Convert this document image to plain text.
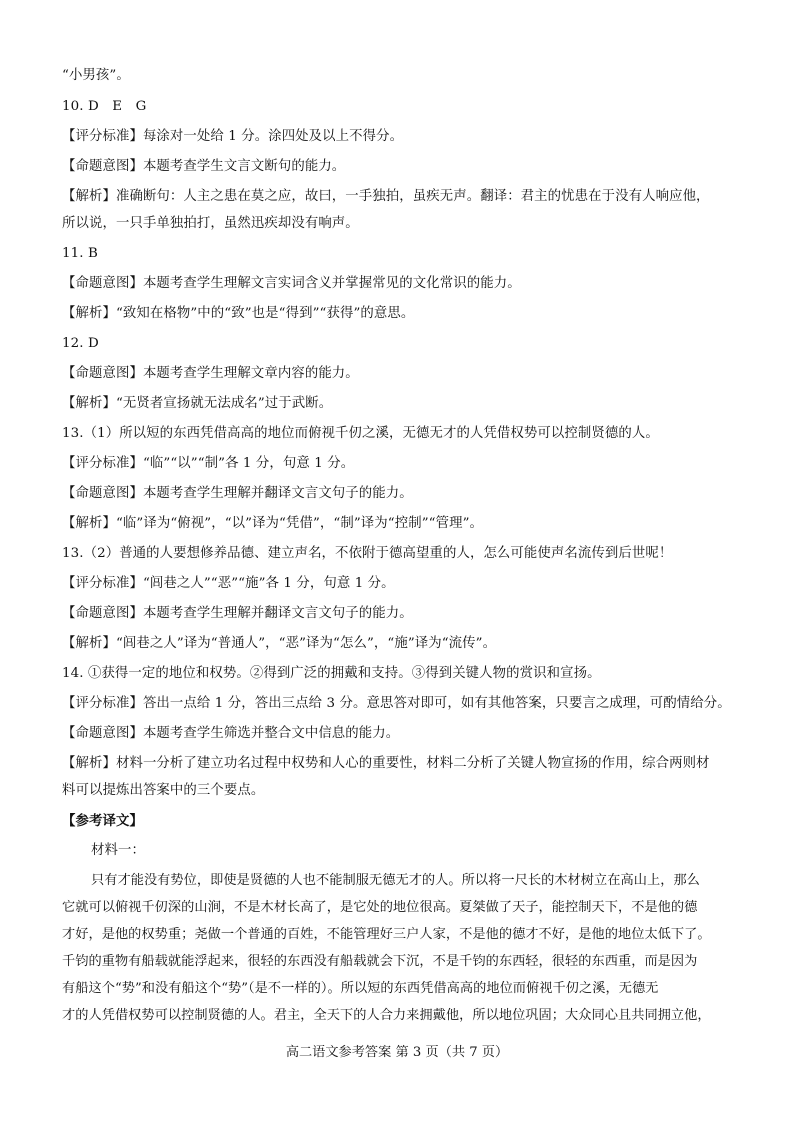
“小男孩”。
10. D　E　G
【评分标准】每涂对一处给 1 分。涂四处及以上不得分。
【命题意图】本题考查学生文言文断句的能力。
【解析】准确断句：人主之患在莫之应，故曰，一手独拍，虽疾无声。翻译：君主的忧患在于没有人响应他，
所以说，一只手单独拍打，虽然迅疾却没有响声。
11. B
【命题意图】本题考查学生理解文言实词含义并掌握常见的文化常识的能力。
【解析】“致知在格物”中的“致”也是“得到”“获得”的意思。
12. D
【命题意图】本题考查学生理解文章内容的能力。
【解析】“无贤者宣扬就无法成名”过于武断。
13.（1）所以短的东西凭借高高的地位而俯视千仞之溪，无德无才的人凭借权势可以控制贤德的人。
【评分标准】“临”“以”“制”各 1 分，句意 1 分。
【命题意图】本题考查学生理解并翻译文言文句子的能力。
【解析】“临”译为“俯视”，“以”译为“凭借”，“制”译为“控制”“管理”。
13.（2）普通的人要想修养品德、建立声名，不依附于德高望重的人，怎么可能使声名流传到后世呢！
【评分标准】“闾巷之人”“恶”“施”各 1 分，句意 1 分。
【命题意图】本题考查学生理解并翻译文言文句子的能力。
【解析】“闾巷之人”译为“普通人”，“恶”译为“怎么”，“施”译为“流传”。
14. ①获得一定的地位和权势。②得到广泛的拥戴和支持。③得到关键人物的赏识和宣扬。
【评分标准】答出一点给 1 分，答出三点给 3 分。意思答对即可，如有其他答案，只要言之成理，可酌情给分。
【命题意图】本题考查学生筛选并整合文中信息的能力。
【解析】材料一分析了建立功名过程中权势和人心的重要性，材料二分析了关键人物宣扬的作用，综合两则材
料可以提炼出答案中的三个要点。
【参考译文】
材料一：
只有才能没有势位，即使是贤德的人也不能制服无德无才的人。所以将一尺长的木材树立在高山上，那么
它就可以俯视千仞深的山涧，不是木材长高了，是它处的地位很高。夏桀做了天子，能控制天下，不是他的德
才好，是他的权势重；尧做一个普通的百姓，不能管理好三户人家，不是他的德才不好，是他的地位太低下了。
千钧的重物有船载就能浮起来，很轻的东西没有船载就会下沉，不是千钧的东西轻，很轻的东西重，而是因为
有船这个“势”和没有船这个“势”（是不一样的）。所以短的东西凭借高高的地位而俯视千仞之溪，无德无
才的人凭借权势可以控制贤德的人。君主，全天下的人合力来拥戴他，所以地位巩固；大众同心且共同拥立他，
高二语文参考答案 第 3 页（共 7 页）
